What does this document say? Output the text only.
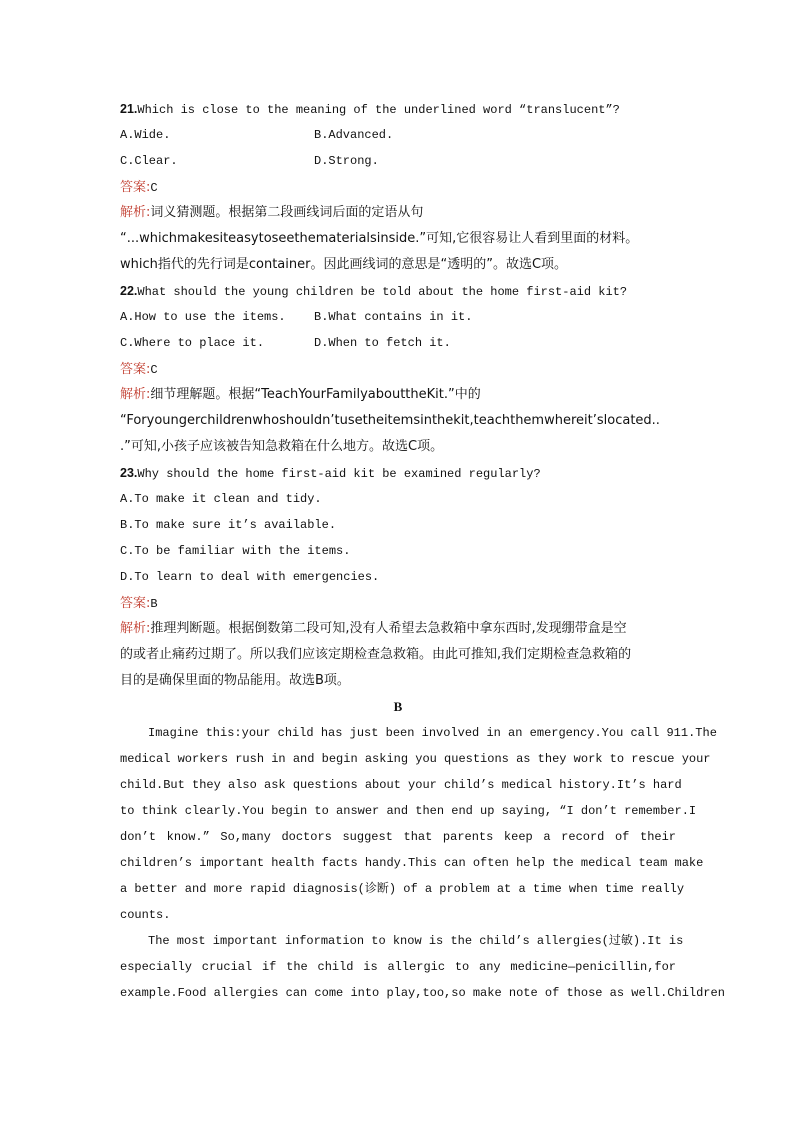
21.Which is close to the meaning of the underlined word “translucent”?
A.Wide.	B.Advanced.
C.Clear.	D.Strong.
答案:C
解析:词义猜测题。根据第二段画线词后面的定语从句
“...whichmakesiteasytoseethematerialsinside.”可知,它很容易让人看到里面的材料。
which指代的先行词是container。因此画线词的意思是“透明的”。故选C项。
22.What should the young children be told about the home first-aid kit?
A.How to use the items.	B.What contains in it.
C.Where to place it.	D.When to fetch it.
答案:C
解析:细节理解题。根据“TeachYourFamilyabouttheKit.”中的
“Foryoungerchildrenwhoshouldn’tusetheitemsinthekit,teachthemwhereit’slocated..
.”可知,小孩子应该被告知急救箱在什么地方。故选C项。
23.Why should the home first-aid kit be examined regularly?
A.To make it clean and tidy.
B.To make sure it’s available.
C.To be familiar with the items.
D.To learn to deal with emergencies.
答案:B
解析:推理判断题。根据倒数第二段可知,没有人希望去急救箱中拿东西时,发现绷带盒是空
的或者止痛药过期了。所以我们应该定期检查急救箱。由此可推知,我们定期检查急救箱的
目的是确保里面的物品能用。故选B项。
B
Imagine this:your child has just been involved in an emergency.You call 911.The
medical workers rush in and begin asking you questions as they work to rescue your
child.But they also ask questions about your child’s medical history.It’s hard
to think clearly.You begin to answer and then end up saying, “I don’t remember.I
don’t know.” So,many doctors suggest that parents keep a record of their
children’s important health facts handy.This can often help the medical team make
a better and more rapid diagnosis(诊断) of a problem at a time when time really
counts.
The most important information to know is the child’s allergies(过敏).It is
especially crucial if the child is allergic to any medicine—penicillin,for
example.Food allergies can come into play,too,so make note of those as well.Children
